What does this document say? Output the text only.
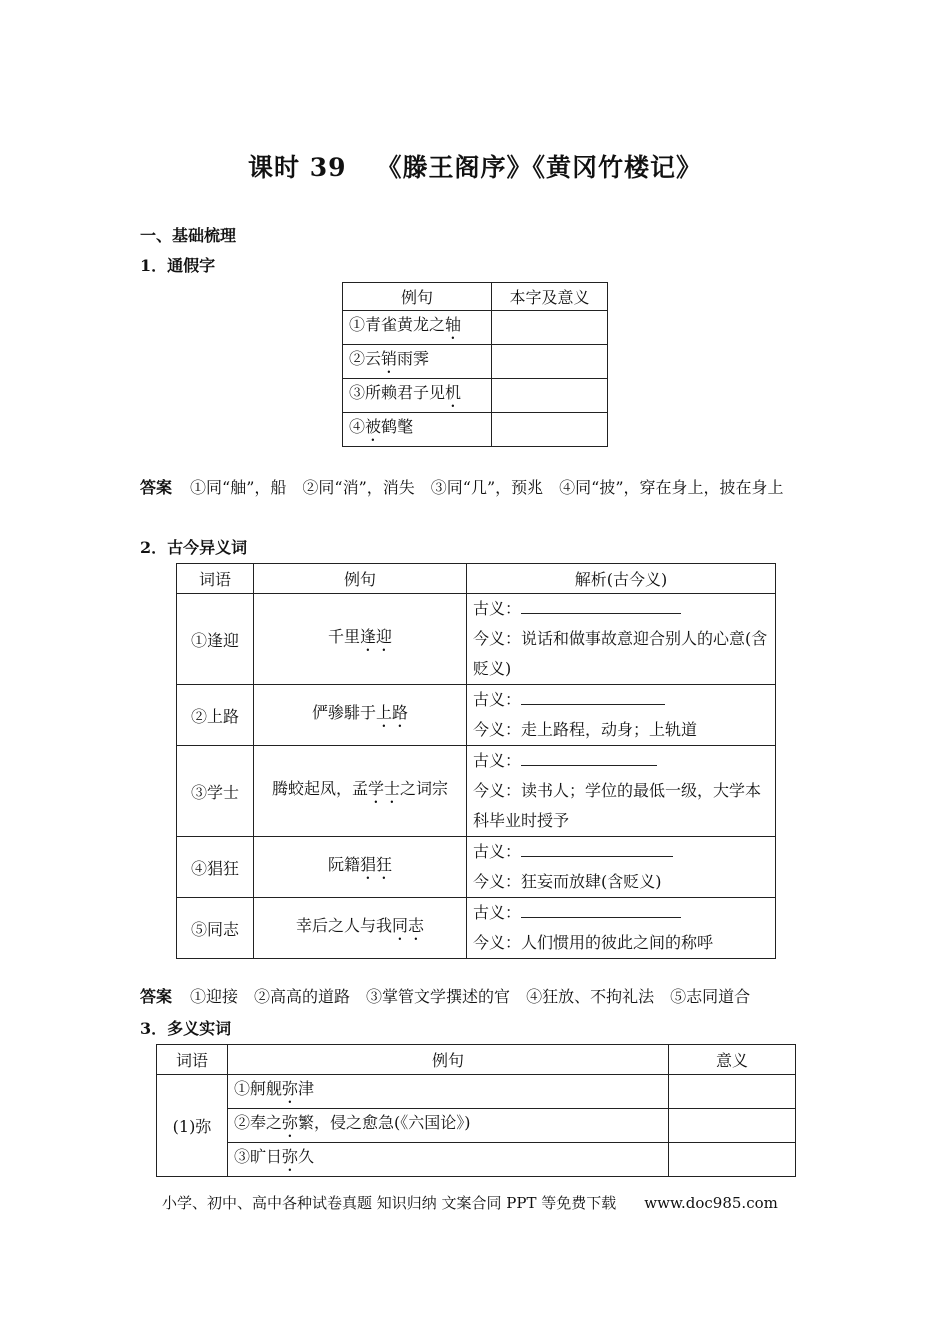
课时 39 《滕王阁序》《黄冈竹楼记》
一、基础梳理
1．通假字
例句	本字及意义
①青雀黄龙之轴	
②云销雨霁	
③所赖君子见机	
④被鹤氅	
答案 ①同“舳”，船 ②同“消”，消失 ③同“几”，预兆 ④同“披”，穿在身上，披在身上
2．古今异义词
词语	例句	解析(古今义)
①逢迎	千里逢迎	古义：
今义：说话和做事故意迎合别人的心意(含贬义)
②上路	俨骖騑于上路	古义：
今义：走上路程，动身；上轨道
③学士	腾蛟起凤，孟学士之词宗	古义：
今义：读书人；学位的最低一级，大学本科毕业时授予
④猖狂	阮籍猖狂	古义：
今义：狂妄而放肆(含贬义)
⑤同志	幸后之人与我同志	古义：
今义：人们惯用的彼此之间的称呼
答案 ①迎接 ②高高的道路 ③掌管文学撰述的官 ④狂放、不拘礼法 ⑤志同道合
3．多义实词
词语	例句	意义
(1)弥	①舸舰弥津	
	②奉之弥繁，侵之愈急(《六国论》)	
	③旷日弥久	
小学、初中、高中各种试卷真题 知识归纳 文案合同 PPT 等免费下载 www.doc985.com
